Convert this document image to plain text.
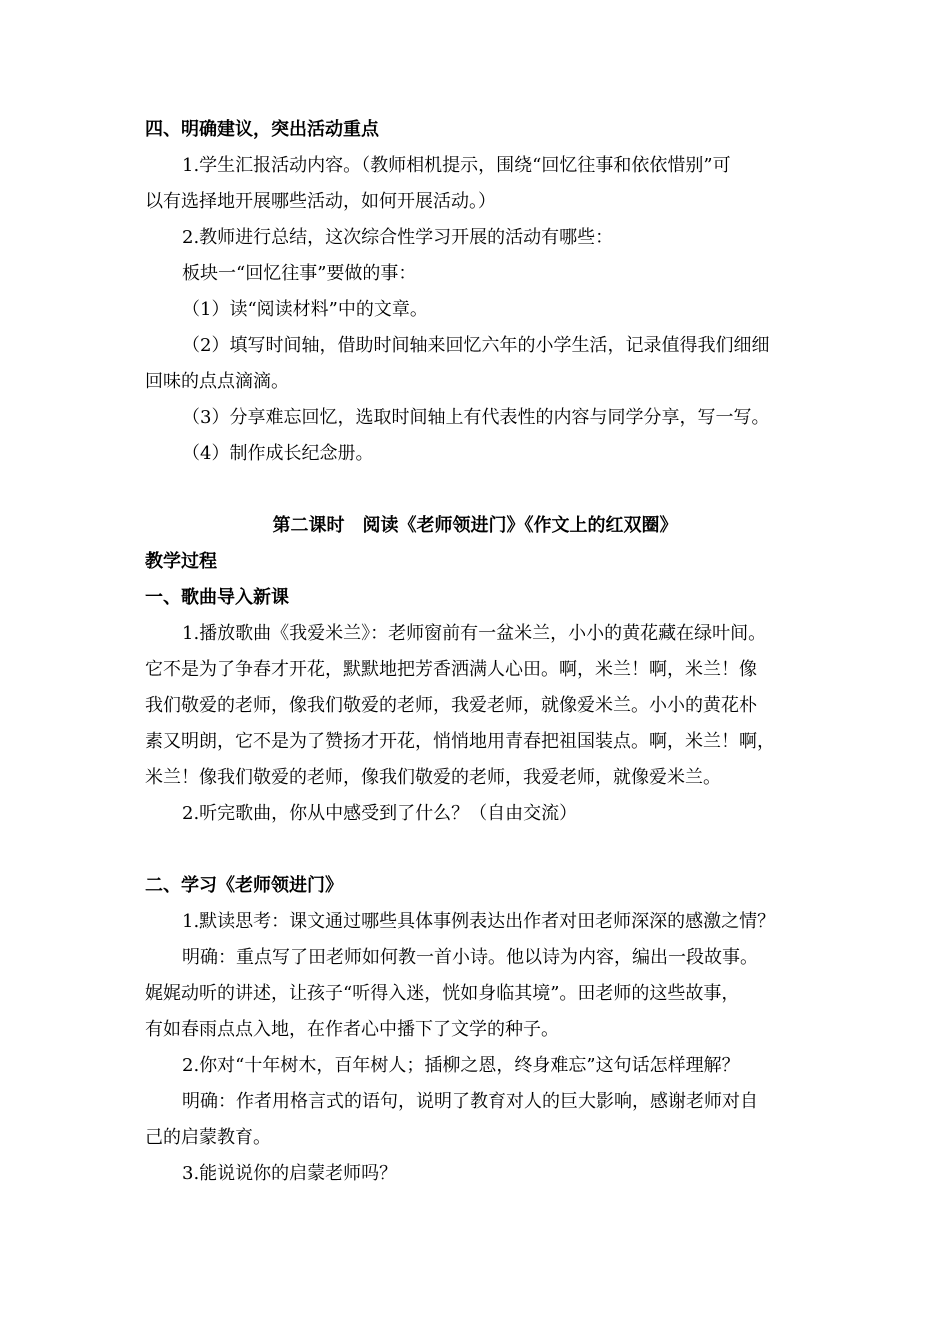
四、明确建议，突出活动重点
1.学生汇报活动内容。（教师相机提示，围绕“回忆往事和依依惜别”可
以有选择地开展哪些活动，如何开展活动。）
2.教师进行总结，这次综合性学习开展的活动有哪些：
板块一“回忆往事”要做的事：
（1）读“阅读材料”中的文章。
（2）填写时间轴，借助时间轴来回忆六年的小学生活，记录值得我们细细
回味的点点滴滴。
（3）分享难忘回忆，选取时间轴上有代表性的内容与同学分享，写一写。
（4）制作成长纪念册。
第二课时　阅读《老师领进门》《作文上的红双圈》
教学过程
一、歌曲导入新课
1.播放歌曲《我爱米兰》：老师窗前有一盆米兰，小小的黄花藏在绿叶间。
它不是为了争春才开花，默默地把芳香洒满人心田。啊，米兰！啊，米兰！像
我们敬爱的老师，像我们敬爱的老师，我爱老师，就像爱米兰。小小的黄花朴
素又明朗，它不是为了赞扬才开花，悄悄地用青春把祖国装点。啊，米兰！啊，
米兰！像我们敬爱的老师，像我们敬爱的老师，我爱老师，就像爱米兰。
2.听完歌曲，你从中感受到了什么？（自由交流）
二、学习《老师领进门》
1.默读思考：课文通过哪些具体事例表达出作者对田老师深深的感激之情？
明确：重点写了田老师如何教一首小诗。他以诗为内容，编出一段故事。
娓娓动听的讲述，让孩子“听得入迷，恍如身临其境”。田老师的这些故事，
有如春雨点点入地，在作者心中播下了文学的种子。
2.你对“十年树木，百年树人；插柳之恩，终身难忘”这句话怎样理解？
明确：作者用格言式的语句，说明了教育对人的巨大影响，感谢老师对自
己的启蒙教育。
3.能说说你的启蒙老师吗？
